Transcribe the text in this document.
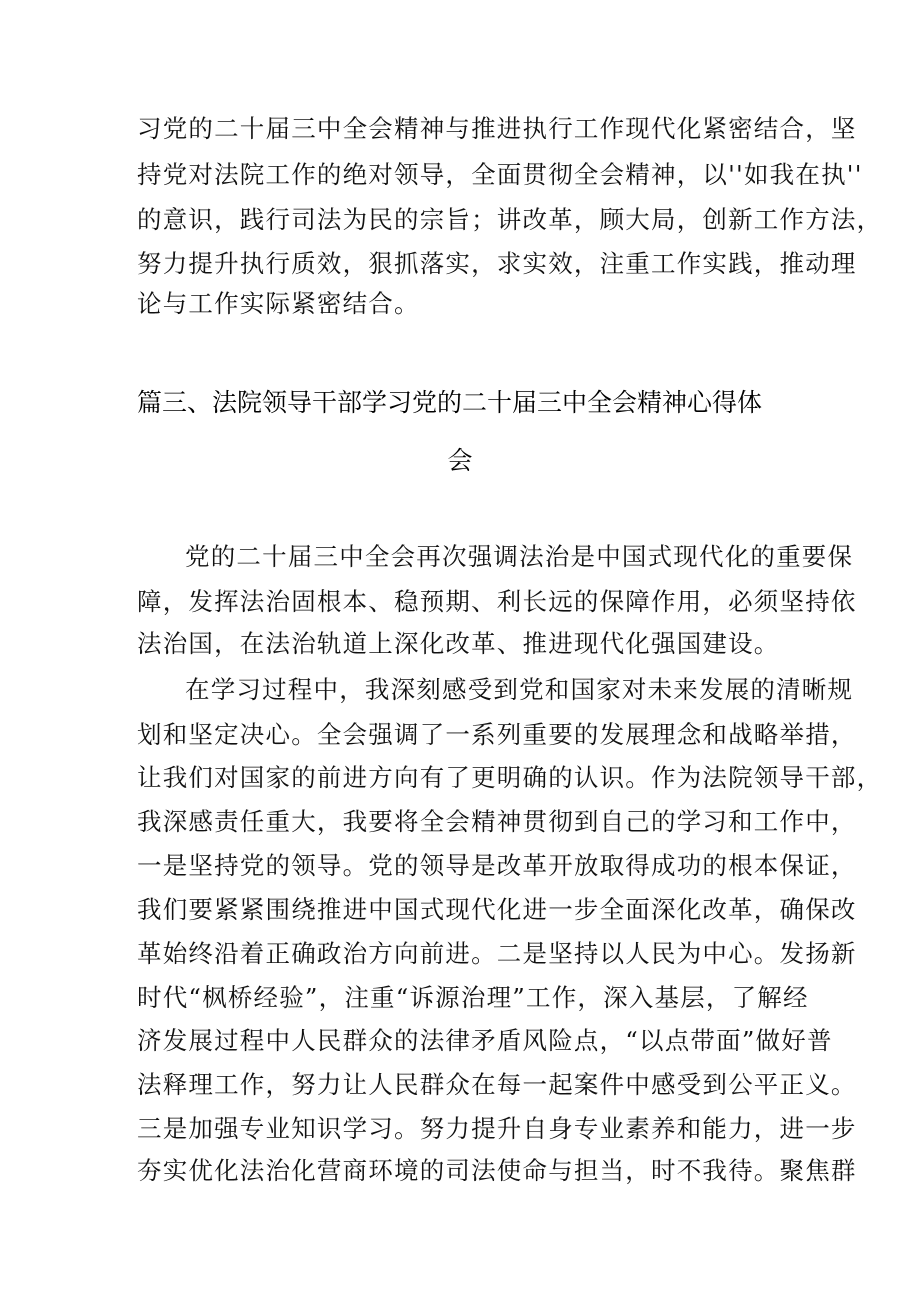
习党的二十届三中全会精神与推进执行工作现代化紧密结合，坚
持党对法院工作的绝对领导，全面贯彻全会精神，以''如我在执''
的意识，践行司法为民的宗旨；讲改革，顾大局，创新工作方法，
努力提升执行质效，狠抓落实，求实效，注重工作实践，推动理
论与工作实际紧密结合。
篇三、法院领导干部学习党的二十届三中全会精神心得体
会
党的二十届三中全会再次强调法治是中国式现代化的重要保
障，发挥法治固根本、稳预期、利长远的保障作用，必须坚持依
法治国，在法治轨道上深化改革、推进现代化强国建设。
在学习过程中，我深刻感受到党和国家对未来发展的清晰规
划和坚定决心。全会强调了一系列重要的发展理念和战略举措，
让我们对国家的前进方向有了更明确的认识。作为法院领导干部，
我深感责任重大，我要将全会精神贯彻到自己的学习和工作中，
一是坚持党的领导。党的领导是改革开放取得成功的根本保证，
我们要紧紧围绕推进中国式现代化进一步全面深化改革，确保改
革始终沿着正确政治方向前进。二是坚持以人民为中心。发扬新
时代“枫桥经验”，注重“诉源治理”工作，深入基层，了解经
济发展过程中人民群众的法律矛盾风险点，“以点带面”做好普
法释理工作，努力让人民群众在每一起案件中感受到公平正义。
三是加强专业知识学习。努力提升自身专业素养和能力，进一步
夯实优化法治化营商环境的司法使命与担当，时不我待。聚焦群
